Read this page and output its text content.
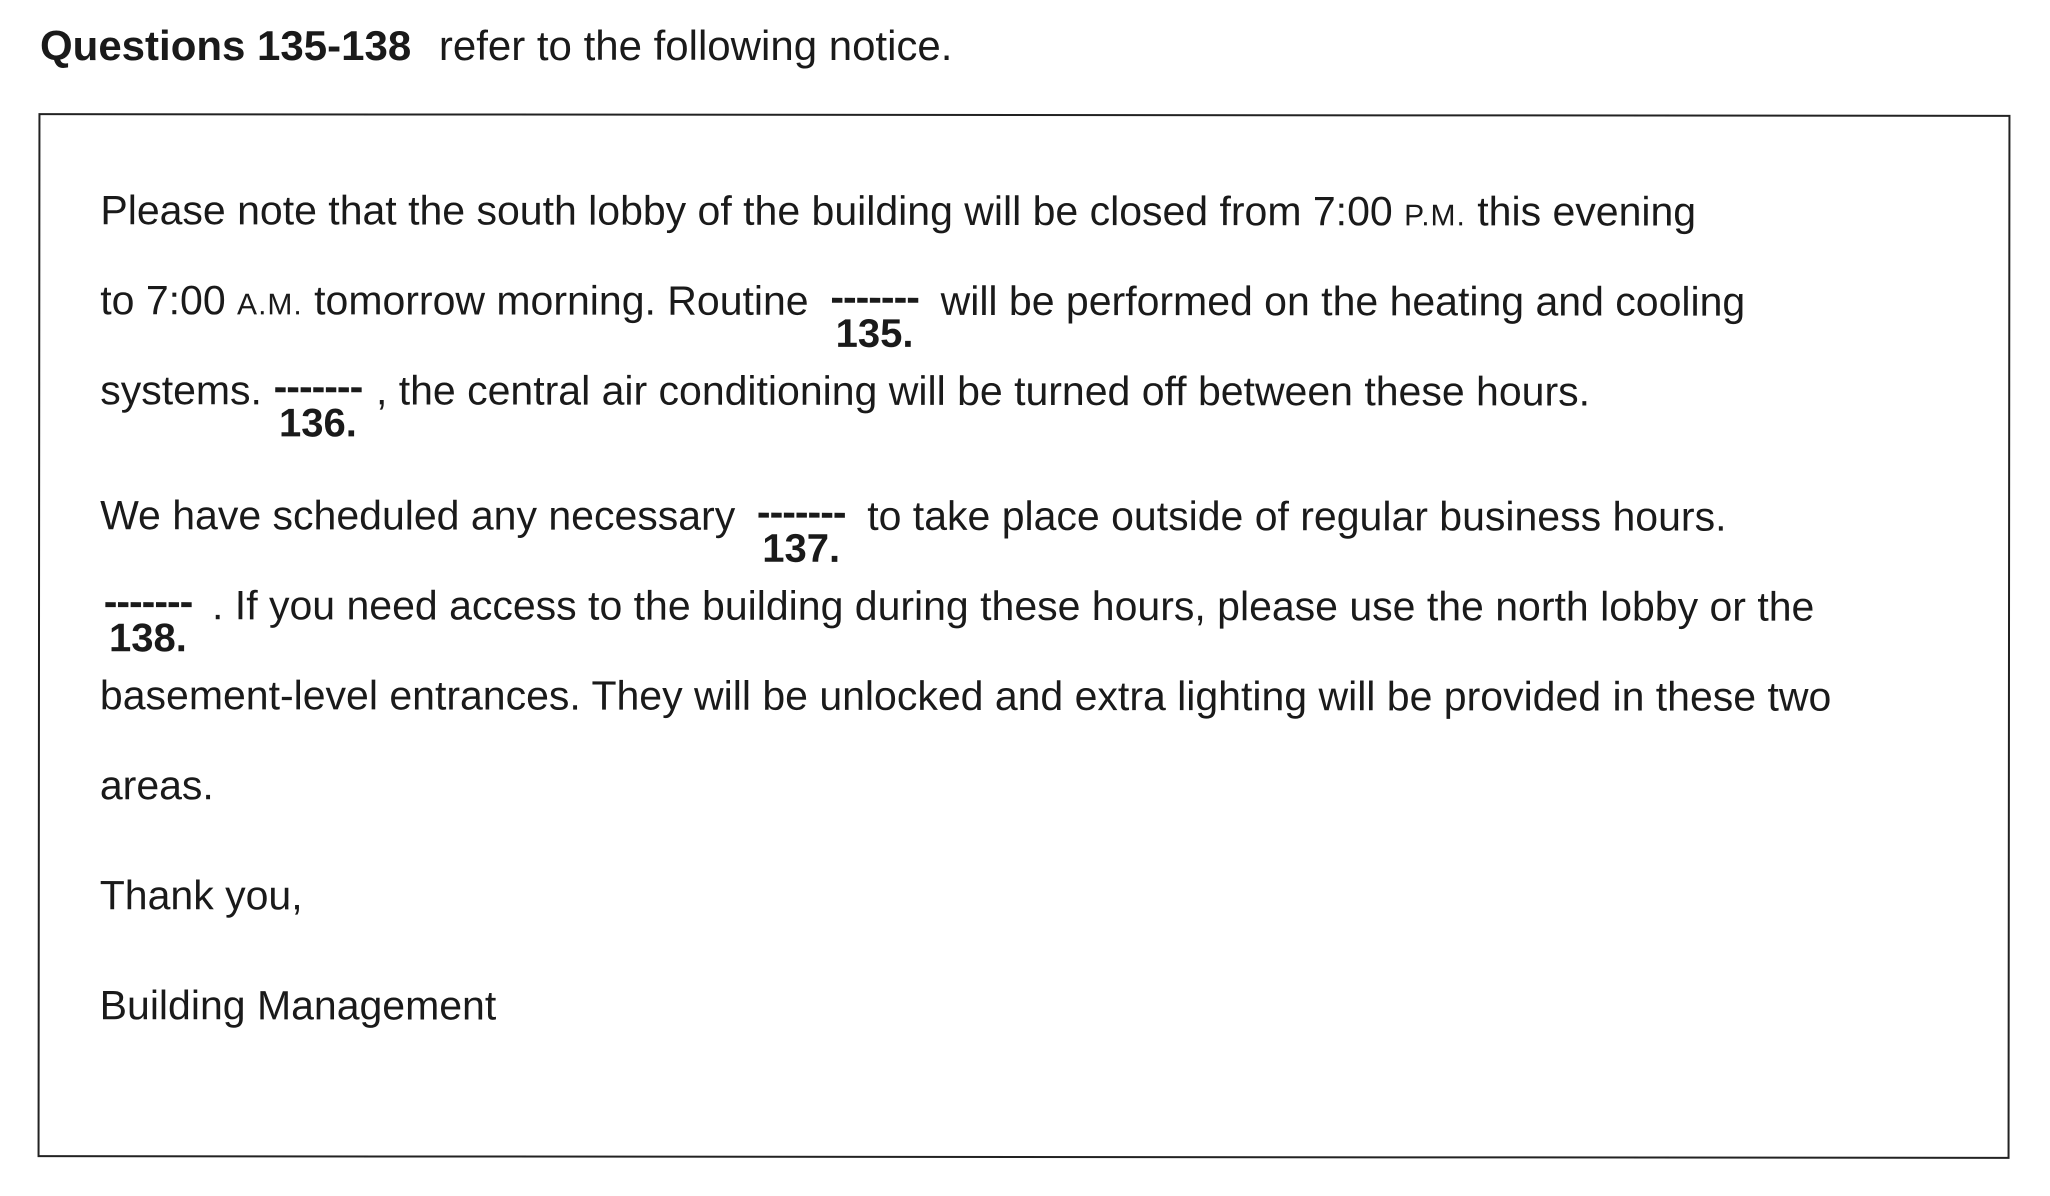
Questions 135-138 refer to the following notice.
Please note that the south lobby of the building will be closed from 7:00 P.M. this evening
to 7:00 A.M. tomorrow morning. Routine -------
135.
will be performed on the heating and cooling
systems. -------
136.
, the central air conditioning will be turned off between these hours.
We have scheduled any necessary -------
137.
to take place outside of regular business hours.
-------
138.
. If you need access to the building during these hours, please use the north lobby or the
basement-level entrances. They will be unlocked and extra lighting will be provided in these two
areas.
Thank you,
Building Management
